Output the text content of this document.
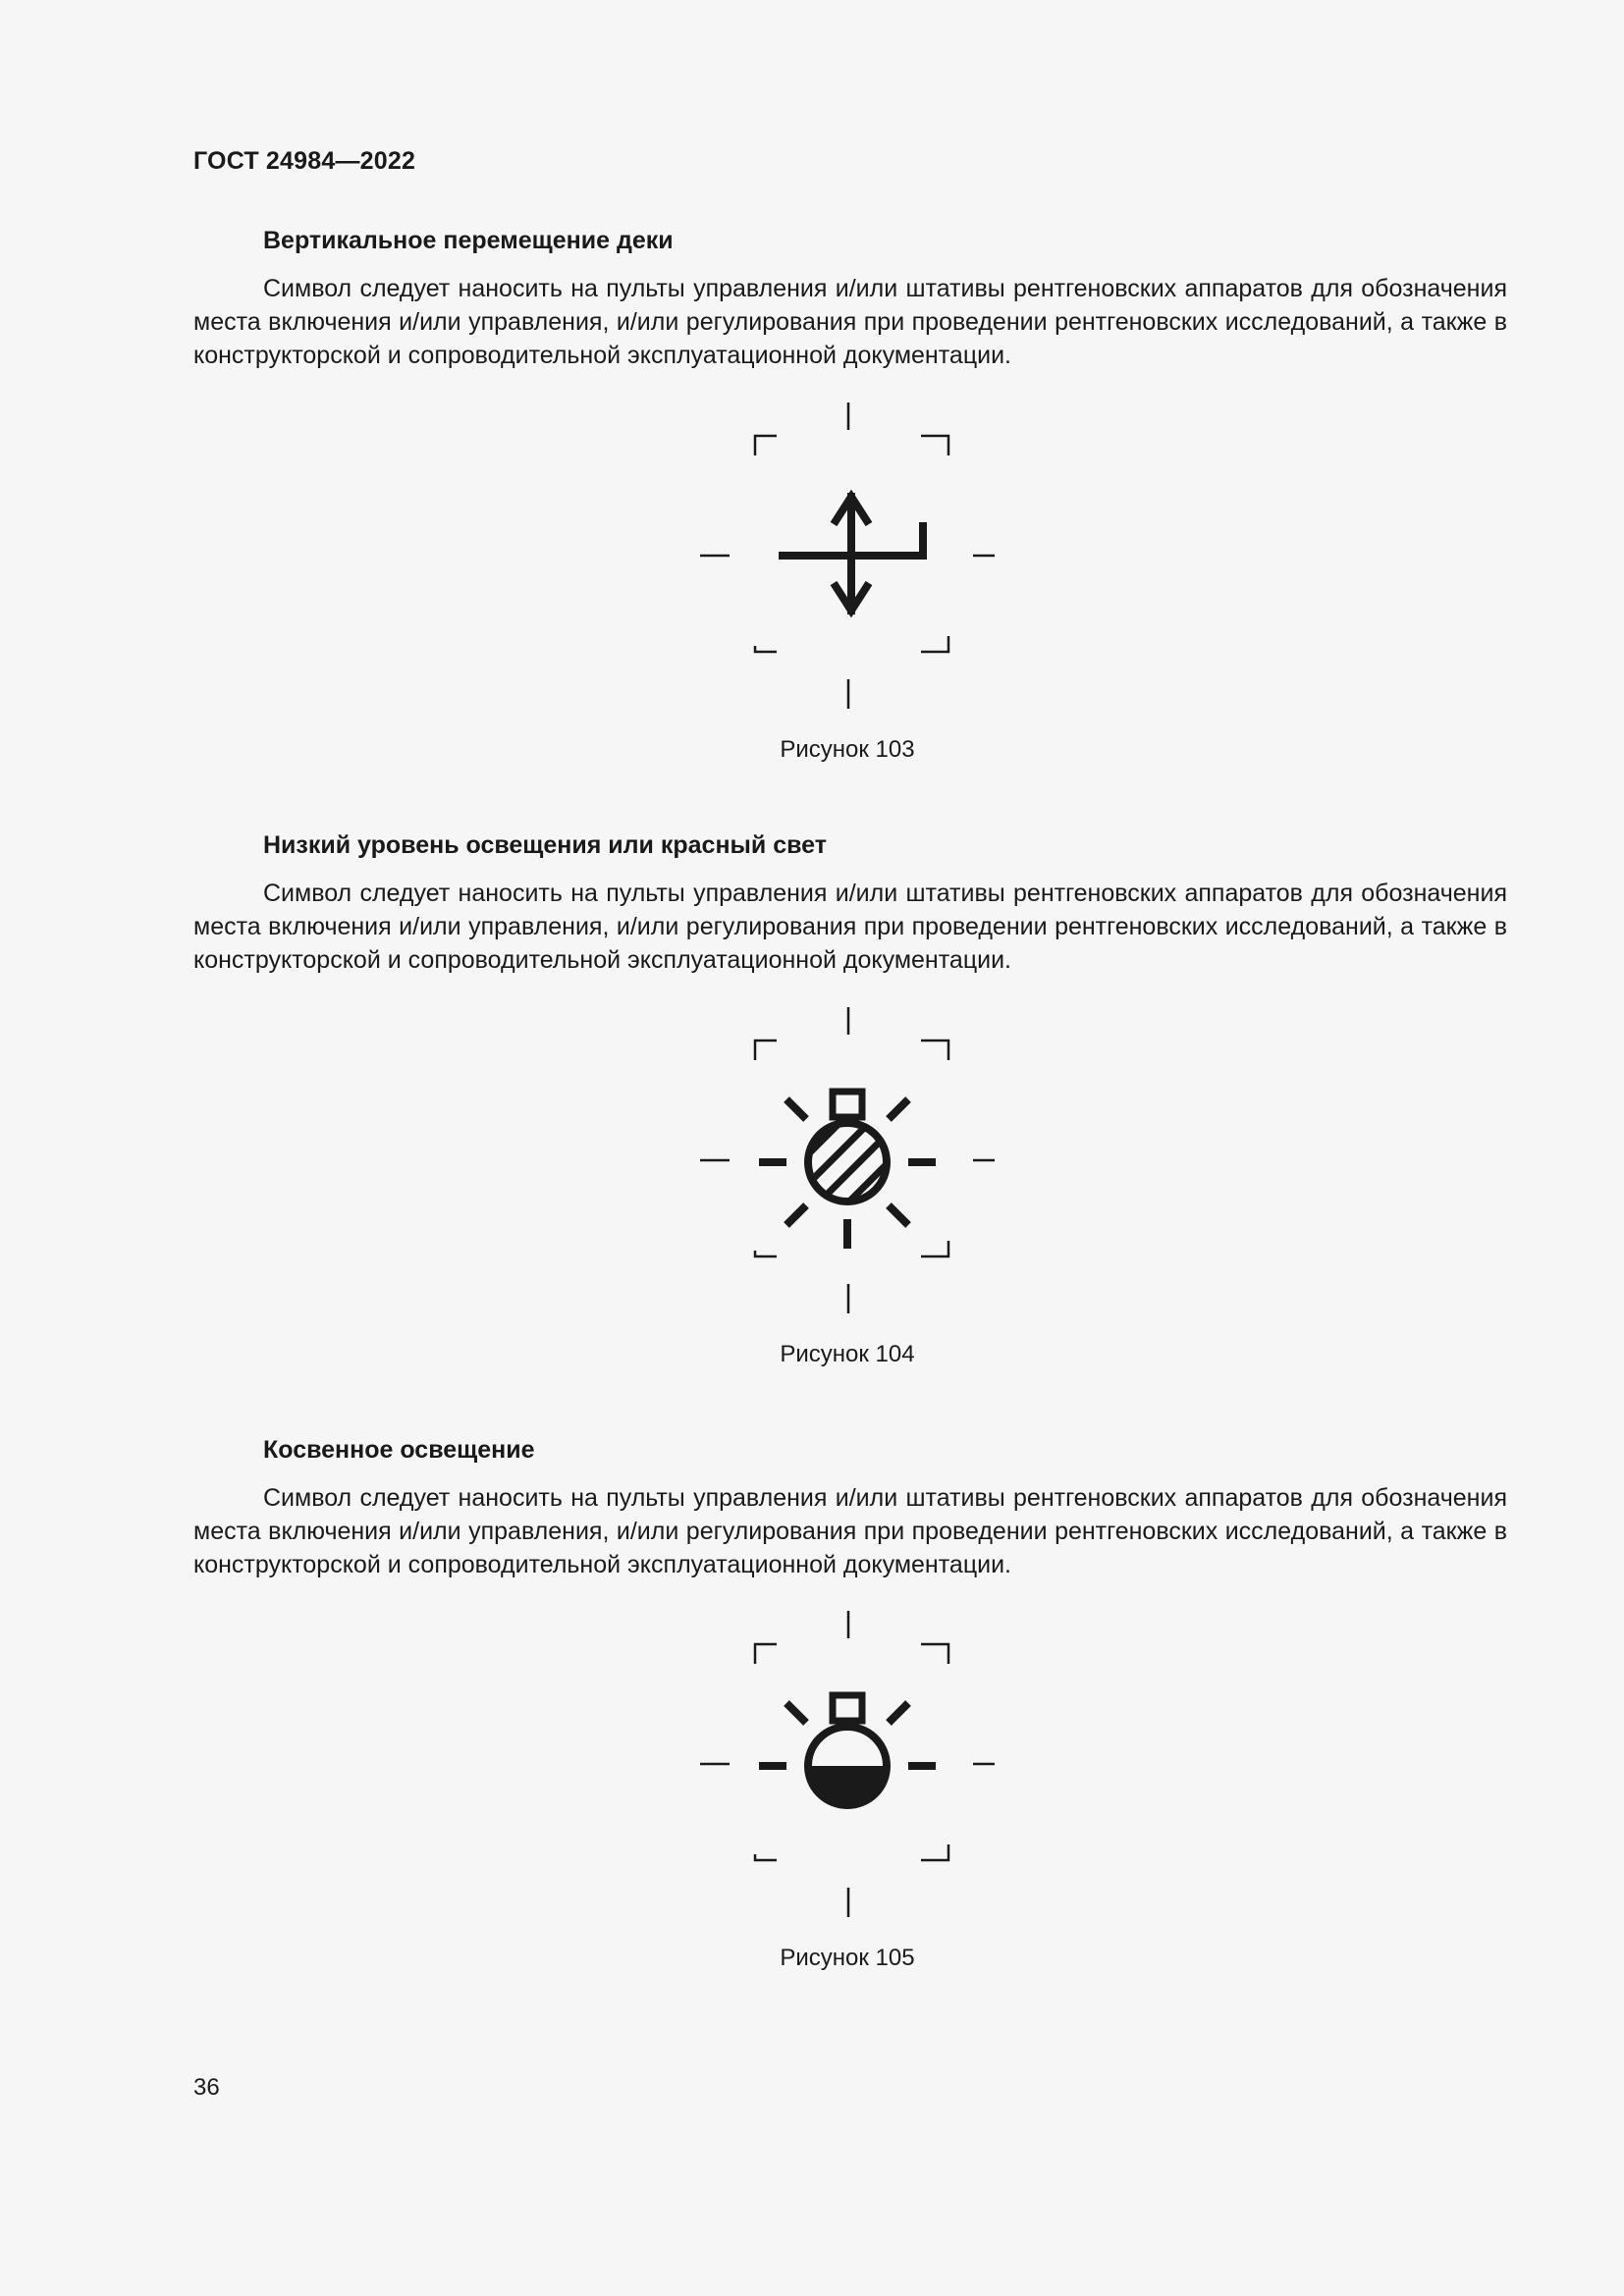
ГОСТ 24984—2022

Вертикальное перемещение деки

Символ следует наносить на пульты управления и/или штативы рентгеновских аппаратов для обозначения места включения и/или управления, и/или регулирования при проведении рентгеновских исследований, а также в конструкторской и сопроводительной эксплуатационной документации.

Рисунок 103

Низкий уровень освещения или красный свет

Символ следует наносить на пульты управления и/или штативы рентгеновских аппаратов для обозначения места включения и/или управления, и/или регулирования при проведении рентгеновских исследований, а также в конструкторской и сопроводительной эксплуатационной документации.

Рисунок 104

Косвенное освещение

Символ следует наносить на пульты управления и/или штативы рентгеновских аппаратов для обозначения места включения и/или управления, и/или регулирования при проведении рентгеновских исследований, а также в конструкторской и сопроводительной эксплуатационной документации.

Рисунок 105
36
